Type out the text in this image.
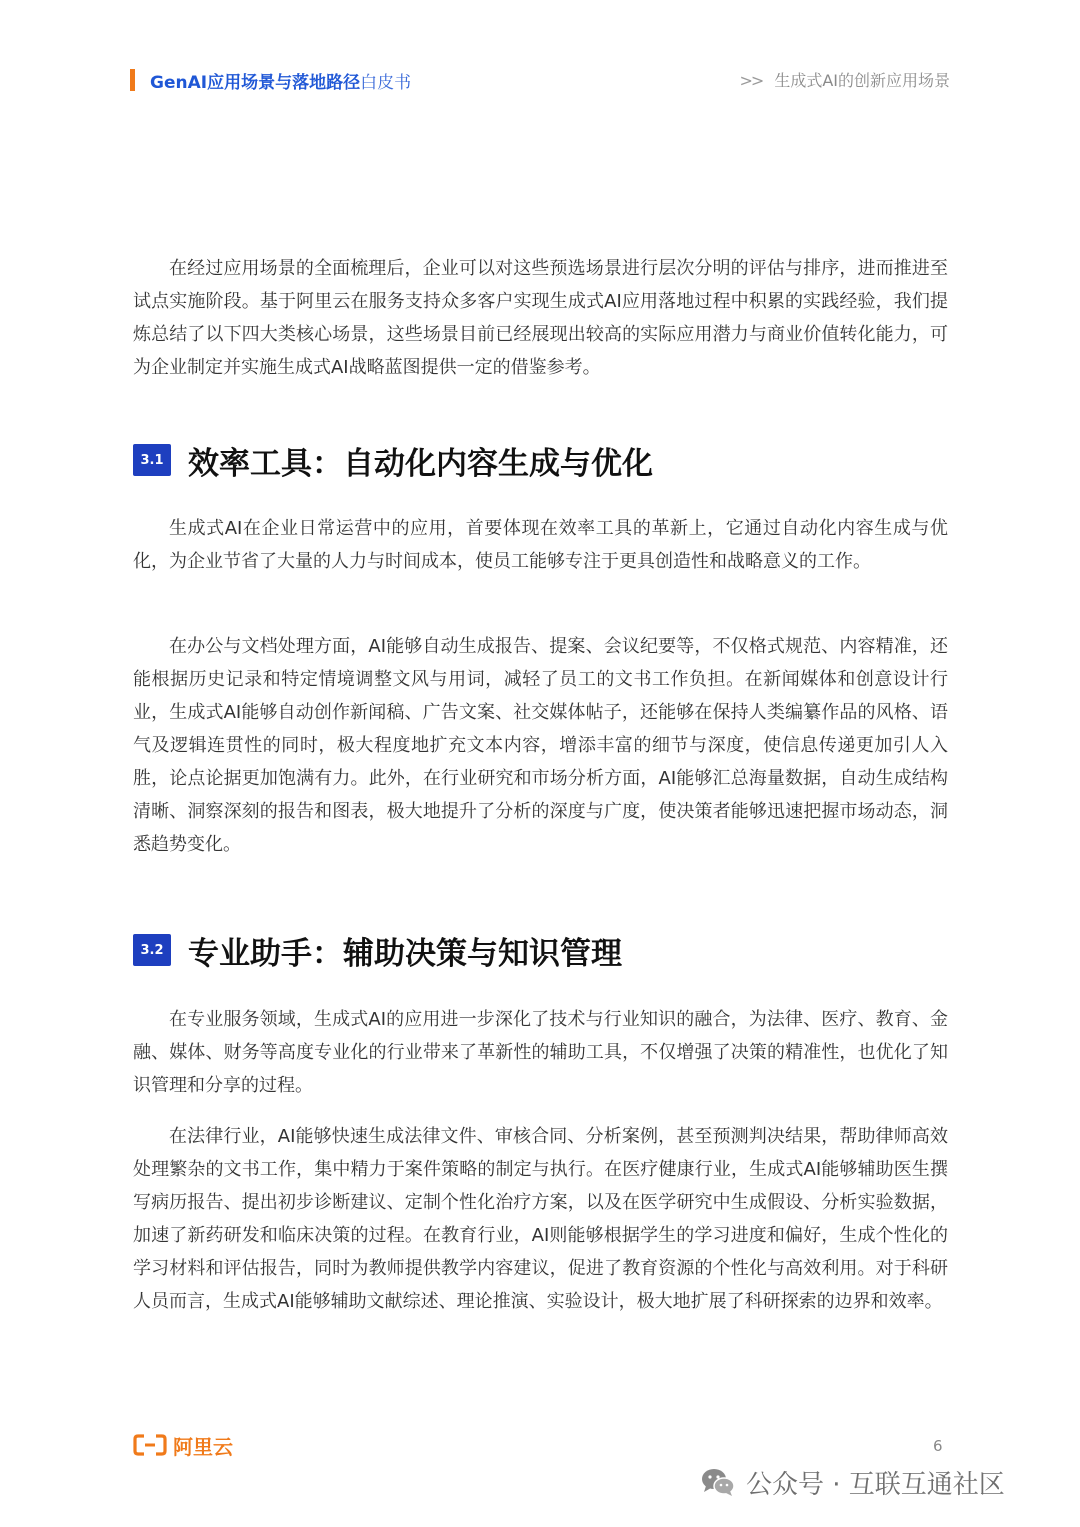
GenAI应用场景与落地路径白皮书	>> 生成式AI的创新应用场景

在经过应用场景的全面梳理后，企业可以对这些预选场景进行层次分明的评估与排序，进而推进至试点实施阶段。基于阿里云在服务支持众多客户实现生成式AI应用落地过程中积累的实践经验，我们提炼总结了以下四大类核心场景，这些场景目前已经展现出较高的实际应用潜力与商业价值转化能力，可为企业制定并实施生成式AI战略蓝图提供一定的借鉴参考。

3.1 效率工具：自动化内容生成与优化

生成式AI在企业日常运营中的应用，首要体现在效率工具的革新上，它通过自动化内容生成与优化，为企业节省了大量的人力与时间成本，使员工能够专注于更具创造性和战略意义的工作。

在办公与文档处理方面，AI能够自动生成报告、提案、会议纪要等，不仅格式规范、内容精准，还能根据历史记录和特定情境调整文风与用词，减轻了员工的文书工作负担。在新闻媒体和创意设计行业，生成式AI能够自动创作新闻稿、广告文案、社交媒体帖子，还能够在保持人类编纂作品的风格、语气及逻辑连贯性的同时，极大程度地扩充文本内容，增添丰富的细节与深度，使信息传递更加引人入胜，论点论据更加饱满有力。此外，在行业研究和市场分析方面，AI能够汇总海量数据，自动生成结构清晰、洞察深刻的报告和图表，极大地提升了分析的深度与广度，使决策者能够迅速把握市场动态，洞悉趋势变化。

3.2 专业助手：辅助决策与知识管理

在专业服务领域，生成式AI的应用进一步深化了技术与行业知识的融合，为法律、医疗、教育、金融、媒体、财务等高度专业化的行业带来了革新性的辅助工具，不仅增强了决策的精准性，也优化了知识管理和分享的过程。

在法律行业，AI能够快速生成法律文件、审核合同、分析案例，甚至预测判决结果，帮助律师高效处理繁杂的文书工作，集中精力于案件策略的制定与执行。在医疗健康行业，生成式AI能够辅助医生撰写病历报告、提出初步诊断建议、定制个性化治疗方案，以及在医学研究中生成假设、分析实验数据，加速了新药研发和临床决策的过程。在教育行业，AI则能够根据学生的学习进度和偏好，生成个性化的学习材料和评估报告，同时为教师提供教学内容建议，促进了教育资源的个性化与高效利用。对于科研人员而言，生成式AI能够辅助文献综述、理论推演、实验设计，极大地扩展了科研探索的边界和效率。

阿里云	6
公众号 · 互联互通社区
